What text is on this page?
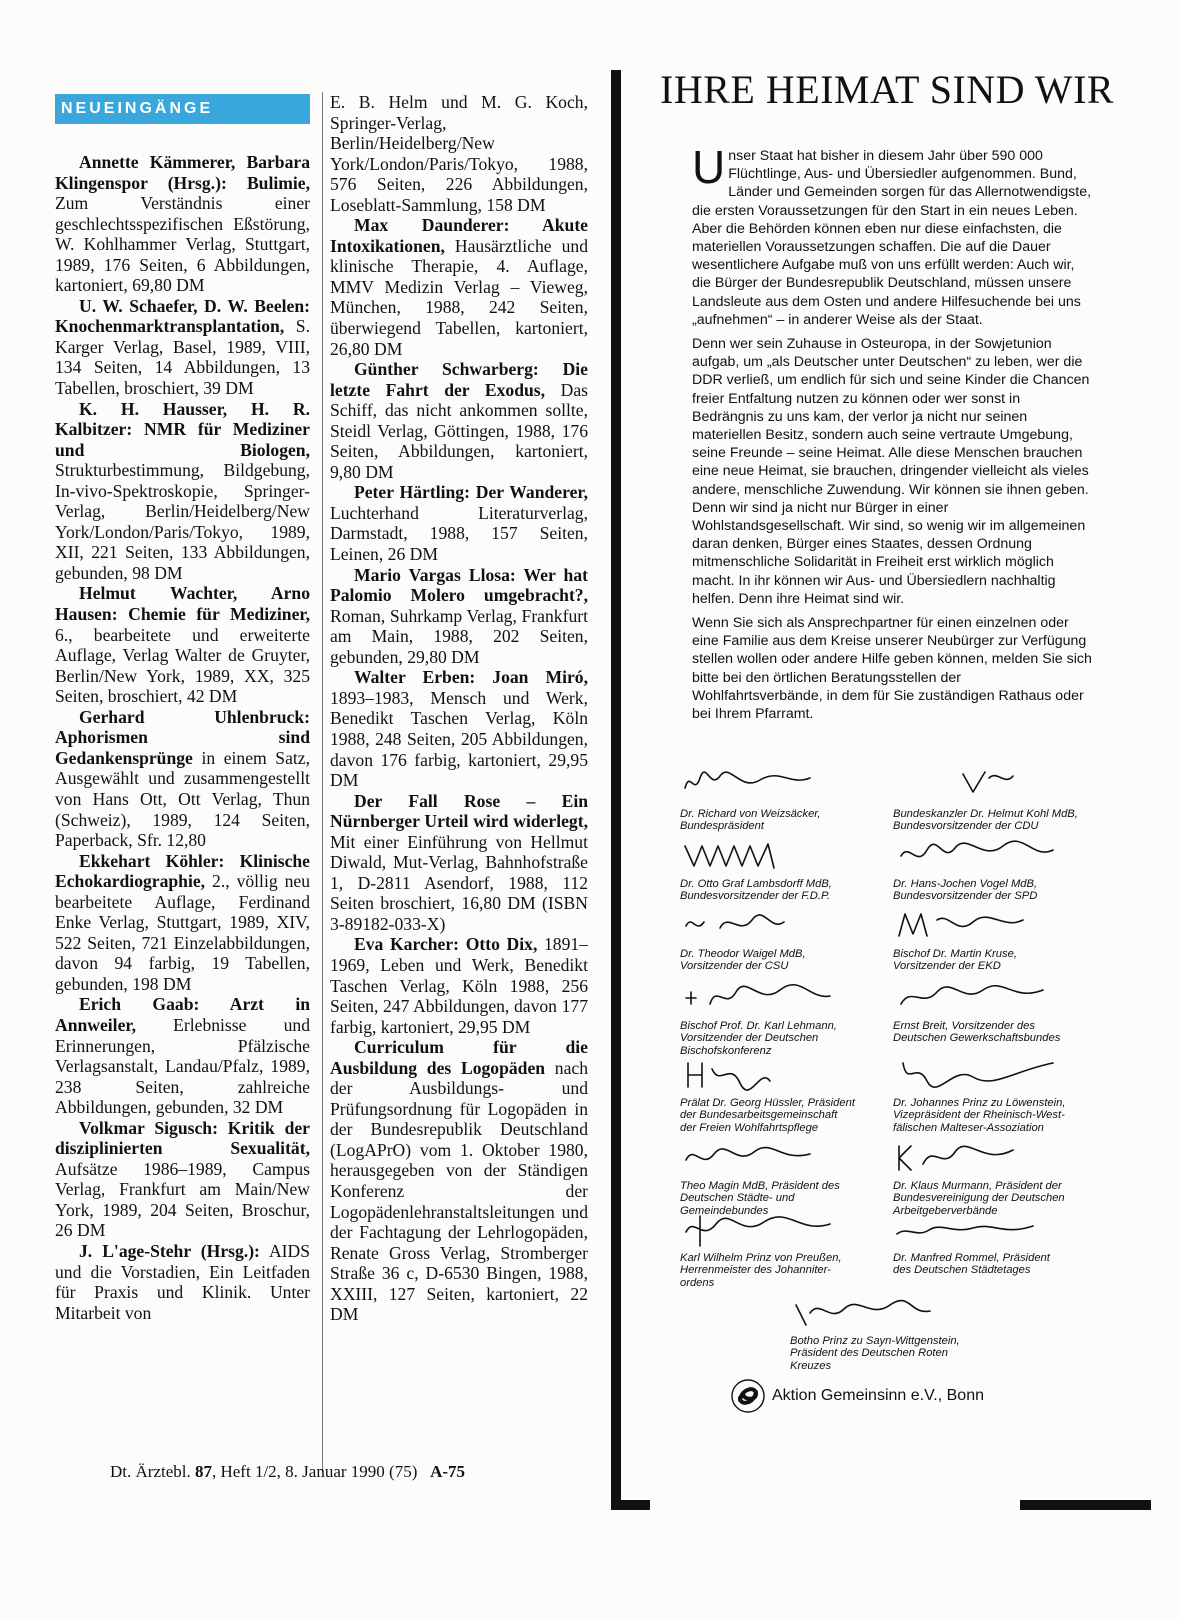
NEUEINGÄNGE

Annette Kämmerer, Barbara Klingenspor (Hrsg.): Bulimie, Zum Verständnis einer geschlechtsspezifischen Eßstörung, W. Kohlhammer Verlag, Stuttgart, 1989, 176 Seiten, 6 Abbildungen, kartoniert, 69,80 DM

U. W. Schaefer, D. W. Beelen: Knochenmarktransplantation, S. Karger Verlag, Basel, 1989, VIII, 134 Seiten, 14 Abbildungen, 13 Tabellen, broschiert, 39 DM

K. H. Hausser, H. R. Kalbitzer: NMR für Mediziner und Biologen, Strukturbestimmung, Bildgebung, In-vivo-Spektroskopie, Springer-Verlag, Berlin/Heidelberg/New York/London/Paris/Tokyo, 1989, XII, 221 Seiten, 133 Abbildungen, gebunden, 98 DM

Helmut Wachter, Arno Hausen: Chemie für Mediziner, 6., bearbeitete und erweiterte Auflage, Verlag Walter de Gruyter, Berlin/New York, 1989, XX, 325 Seiten, broschiert, 42 DM

Gerhard Uhlenbruck: Aphorismen sind Gedankensprünge in einem Satz, Ausgewählt und zusammengestellt von Hans Ott, Ott Verlag, Thun (Schweiz), 1989, 124 Seiten, Paperback, Sfr. 12,80

Ekkehart Köhler: Klinische Echokardiographie, 2., völlig neu bearbeitete Auflage, Ferdinand Enke Verlag, Stuttgart, 1989, XIV, 522 Seiten, 721 Einzelabbildungen, davon 94 farbig, 19 Tabellen, gebunden, 198 DM

Erich Gaab: Arzt in Annweiler, Erlebnisse und Erinnerungen, Pfälzische Verlagsanstalt, Landau/Pfalz, 1989, 238 Seiten, zahlreiche Abbildungen, gebunden, 32 DM

Volkmar Sigusch: Kritik der disziplinierten Sexualität, Aufsätze 1986–1989, Campus Verlag, Frankfurt am Main/New York, 1989, 204 Seiten, Broschur, 26 DM

J. L'age-Stehr (Hrsg.): AIDS und die Vorstadien, Ein Leitfaden für Praxis und Klinik. Unter Mitarbeit von

E. B. Helm und M. G. Koch, Springer-Verlag, Berlin/Heidelberg/New York/London/Paris/Tokyo, 1988, 576 Seiten, 226 Abbildungen, Loseblatt-Sammlung, 158 DM

Max Daunderer: Akute Intoxikationen, Hausärztliche und klinische Therapie, 4. Auflage, MMV Medizin Verlag – Vieweg, München, 1988, 242 Seiten, überwiegend Tabellen, kartoniert, 26,80 DM

Günther Schwarberg: Die letzte Fahrt der Exodus, Das Schiff, das nicht ankommen sollte, Steidl Verlag, Göttingen, 1988, 176 Seiten, Abbildungen, kartoniert, 9,80 DM

Peter Härtling: Der Wanderer, Luchterhand Literaturverlag, Darmstadt, 1988, 157 Seiten, Leinen, 26 DM

Mario Vargas Llosa: Wer hat Palomio Molero umgebracht?, Roman, Suhrkamp Verlag, Frankfurt am Main, 1988, 202 Seiten, gebunden, 29,80 DM

Walter Erben: Joan Miró, 1893–1983, Mensch und Werk, Benedikt Taschen Verlag, Köln 1988, 248 Seiten, 205 Abbildungen, davon 176 farbig, kartoniert, 29,95 DM

Der Fall Rose – Ein Nürnberger Urteil wird widerlegt, Mit einer Einführung von Hellmut Diwald, Mut-Verlag, Bahnhofstraße 1, D-2811 Asendorf, 1988, 112 Seiten broschiert, 16,80 DM (ISBN 3-89182-033-X)

Eva Karcher: Otto Dix, 1891–1969, Leben und Werk, Benedikt Taschen Verlag, Köln 1988, 256 Seiten, 247 Abbildungen, davon 177 farbig, kartoniert, 29,95 DM

Curriculum für die Ausbildung des Logopäden nach der Ausbildungs- und Prüfungsordnung für Logopäden in der Bundesrepublik Deutschland (LogAPrO) vom 1. Oktober 1980, herausgegeben von der Ständigen Konferenz der Logopädenlehranstaltsleitungen und der Fachtagung der Lehrlogopäden, Renate Gross Verlag, Stromberger Straße 36 c, D-6530 Bingen, 1988, XXIII, 127 Seiten, kartoniert, 22 DM

IHRE HEIMAT SIND WIR

Unser Staat hat bisher in diesem Jahr über 590 000 Flüchtlinge, Aus- und Übersiedler aufgenommen. Bund, Länder und Gemeinden sorgen für das Allernotwendigste, die ersten Voraussetzungen für den Start in ein neues Leben. Aber die Behörden können eben nur diese einfachsten, die materiellen Voraussetzungen schaffen. Die auf die Dauer wesentlichere Aufgabe muß von uns erfüllt werden: Auch wir, die Bürger der Bundesrepublik Deutschland, müssen unsere Landsleute aus dem Osten und andere Hilfesuchende bei uns „aufnehmen“ – in anderer Weise als der Staat.

Denn wer sein Zuhause in Osteuropa, in der Sowjetunion aufgab, um „als Deutscher unter Deutschen“ zu leben, wer die DDR verließ, um endlich für sich und seine Kinder die Chancen freier Entfaltung nutzen zu können oder wer sonst in Bedrängnis zu uns kam, der verlor ja nicht nur seinen materiellen Besitz, sondern auch seine vertraute Umgebung, seine Freunde – seine Heimat. Alle diese Menschen brauchen eine neue Heimat, sie brauchen, dringender vielleicht als vieles andere, menschliche Zuwendung. Wir können sie ihnen geben. Denn wir sind ja nicht nur Bürger in einer Wohlstandsgesellschaft. Wir sind, so wenig wir im allgemeinen daran denken, Bürger eines Staates, dessen Ordnung mitmenschliche Solidarität in Freiheit erst wirklich möglich macht. In ihr können wir Aus- und Übersiedlern nachhaltig helfen. Denn ihre Heimat sind wir.

Wenn Sie sich als Ansprechpartner für einen einzelnen oder eine Familie aus dem Kreise unserer Neubürger zur Verfügung stellen wollen oder andere Hilfe geben können, melden Sie sich bitte bei den örtlichen Beratungsstellen der Wohlfahrtsverbände, in dem für Sie zuständigen Rathaus oder bei Ihrem Pfarramt.

Dr. Richard von Weizsäcker,
Bundespräsident
Bundeskanzler Dr. Helmut Kohl MdB,
Bundesvorsitzender der CDU
Dr. Otto Graf Lambsdorff MdB,
Bundesvorsitzender der F.D.P.
Dr. Hans-Jochen Vogel MdB,
Bundesvorsitzender der SPD
Dr. Theodor Waigel MdB,
Vorsitzender der CSU
Bischof Dr. Martin Kruse,
Vorsitzender der EKD
Bischof Prof. Dr. Karl Lehmann,
Vorsitzender der Deutschen
Bischofskonferenz
Ernst Breit, Vorsitzender des
Deutschen Gewerkschaftsbundes
Prälat Dr. Georg Hüssler, Präsident
der Bundesarbeitsgemeinschaft
der Freien Wohlfahrtspflege
Dr. Johannes Prinz zu Löwenstein,
Vizepräsident der Rheinisch-West-
fälischen Malteser-Assoziation
Theo Magin MdB, Präsident des
Deutschen Städte- und
Gemeindebundes
Dr. Klaus Murmann, Präsident der
Bundesvereinigung der Deutschen
Arbeitgeberverbände
Karl Wilhelm Prinz von Preußen,
Herrenmeister des Johanniter-
ordens
Dr. Manfred Rommel, Präsident
des Deutschen Städtetages
Botho Prinz zu Sayn-Wittgenstein,
Präsident des Deutschen Roten
Kreuzes
Aktion Gemeinsinn e.V., Bonn
Dt. Ärztebl. 87, Heft 1/2, 8. Januar 1990 (75) A-75
